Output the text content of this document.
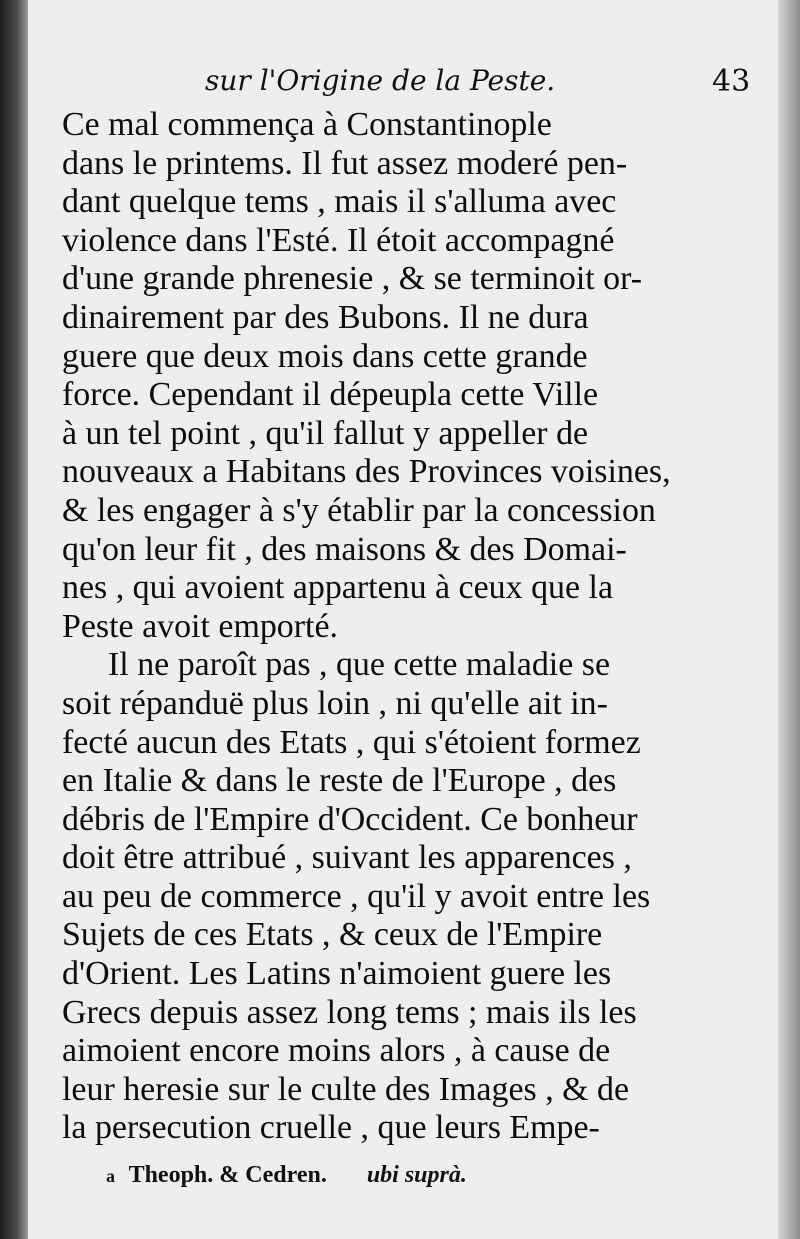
sur l'Origine de la Peste.	43
Ce mal commença à Constantinople
dans le printems. Il fut assez moderé pen-
dant quelque tems , mais il s'alluma avec
violence dans l'Esté. Il étoit accompagné
d'une grande phrenesie , & se terminoit or-
dinairement par des Bubons. Il ne dura
guere que deux mois dans cette grande
force. Cependant il dépeupla cette Ville
à un tel point , qu'il fallut y appeller de
nouveaux a Habitans des Provinces voisines,
& les engager à s'y établir par la concession
qu'on leur fit , des maisons & des Domai-
nes , qui avoient appartenu à ceux que la
Peste avoit emporté.
Il ne paroît pas , que cette maladie se
soit répanduë plus loin , ni qu'elle ait in-
fecté aucun des Etats , qui s'étoient formez
en Italie & dans le reste de l'Europe , des
débris de l'Empire d'Occident. Ce bonheur
doit être attribué , suivant les apparences ,
au peu de commerce , qu'il y avoit entre les
Sujets de ces Etats , & ceux de l'Empire
d'Orient. Les Latins n'aimoient guere les
Grecs depuis assez long tems ; mais ils les
aimoient encore moins alors , à cause de
leur heresie sur le culte des Images , & de
la persecution cruelle , que leurs Empe-
a Theoph. & Cedren. ubi suprà.
